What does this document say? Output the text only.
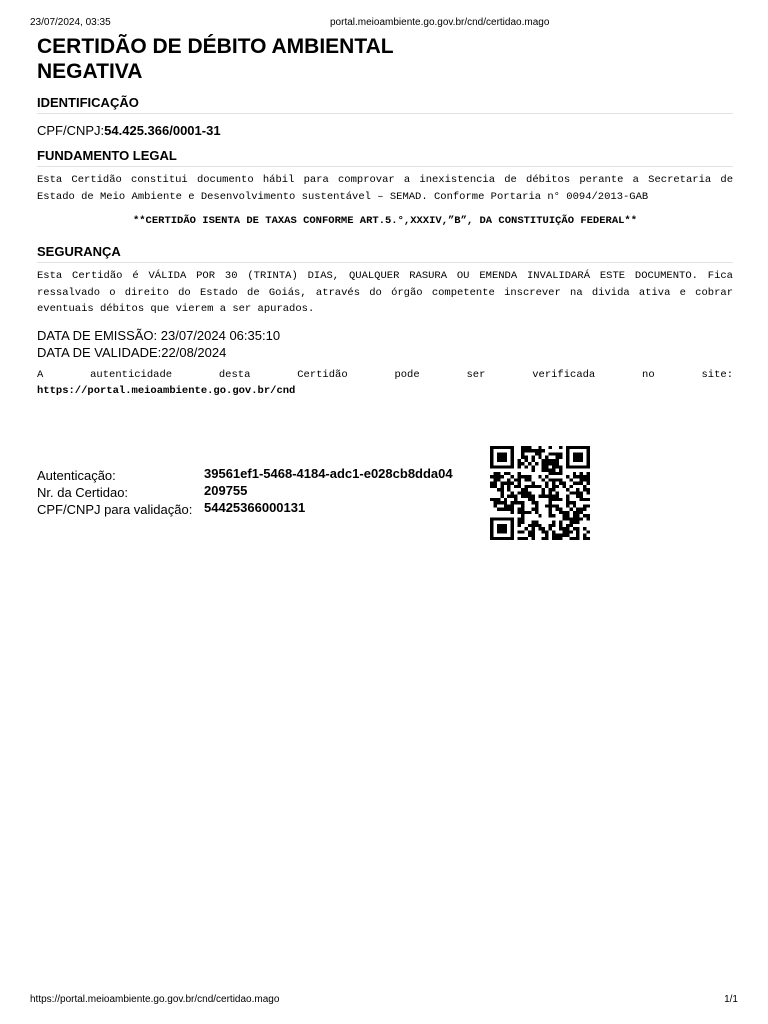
23/07/2024, 03:35	portal.meioambiente.go.gov.br/cnd/certidao.mago
CERTIDÃO DE DÉBITO AMBIENTAL NEGATIVA
IDENTIFICAÇÃO

CPF/CNPJ:54.425.366/0001-31

FUNDAMENTO LEGAL

Esta Certidão constitui documento hábil para comprovar a inexistencia de débitos perante a Secretaria de Estado de Meio Ambiente e Desenvolvimento sustentável – SEMAD. Conforme Portaria n° 0094/2013-GAB

**CERTIDÃO ISENTA DE TAXAS CONFORME ART.5.°,XXXIV,”B”, DA CONSTITUIÇÃO FEDERAL**

SEGURANÇA

Esta Certidão é VÁLIDA POR 30 (TRINTA) DIAS, QUALQUER RASURA OU EMENDA INVALIDARÁ ESTE DOCUMENTO. Fica ressalvado o direito do Estado de Goiás, através do órgão competente inscrever na divida ativa e cobrar eventuais débitos que vierem a ser apurados.

DATA DE EMISSÃO: 23/07/2024 06:35:10
DATA DE VALIDADE:22/08/2024
A autenticidade desta Certidão pode ser verificada no site:
https://portal.meioambiente.go.gov.br/cnd
Autenticação:	39561ef1-5468-4184-adc1-e028cb8dda04
Nr. da Certidao:	209755
CPF/CNPJ para validação: 54425366000131
https://portal.meioambiente.go.gov.br/cnd/certidao.mago	1/1
